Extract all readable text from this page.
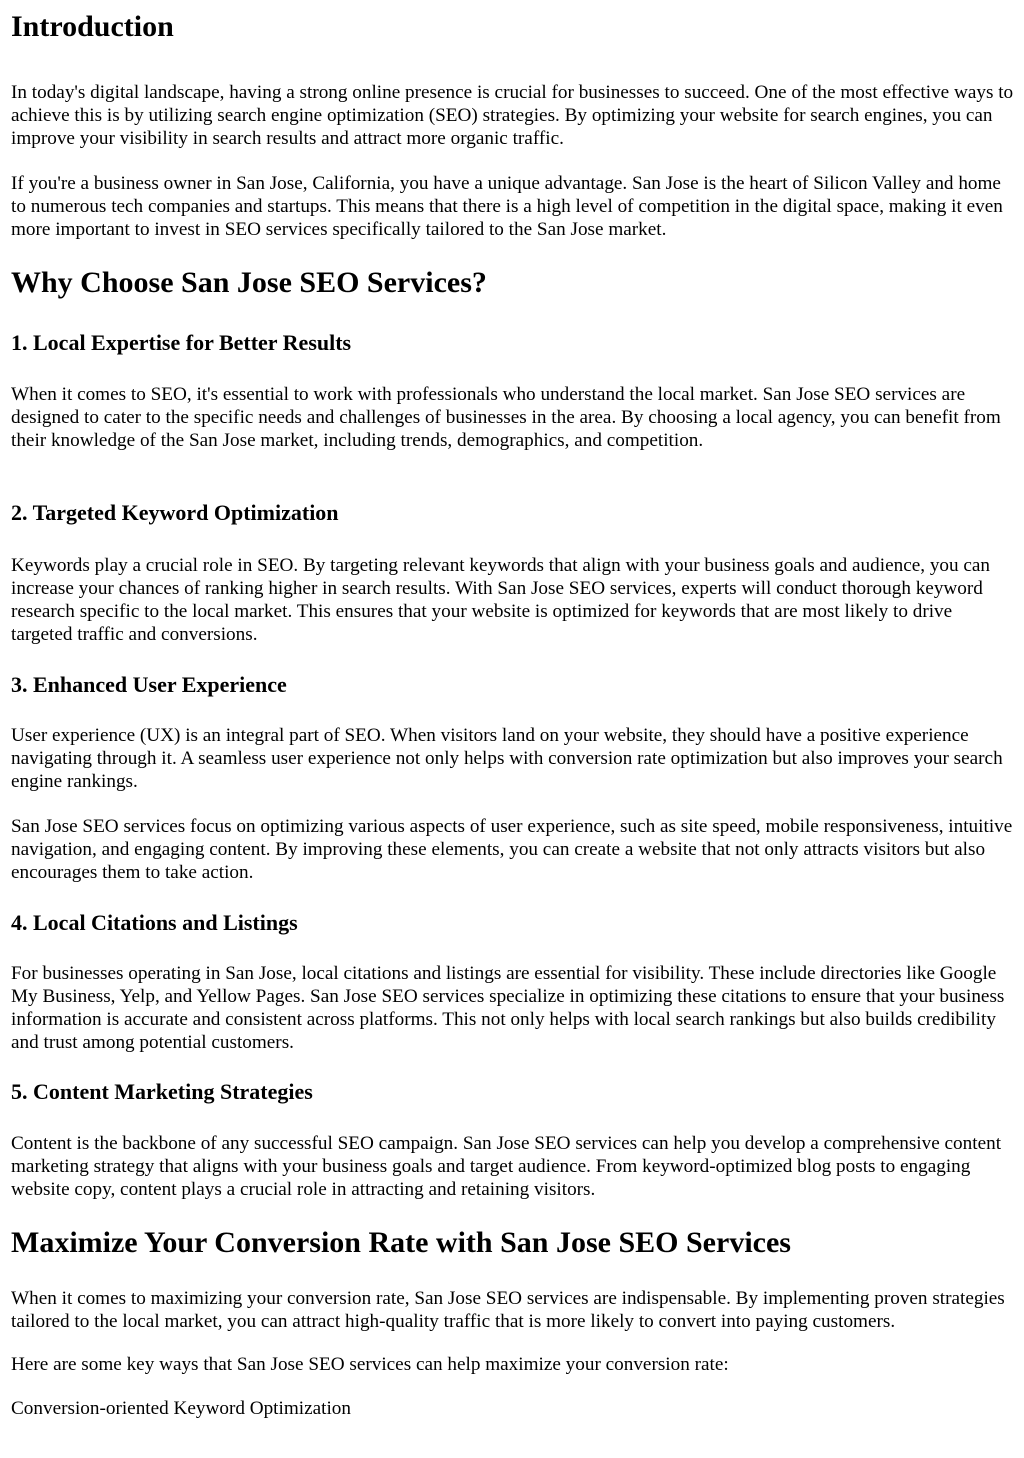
Introduction

In today's digital landscape, having a strong online presence is crucial for businesses to succeed. One of the most effective ways to achieve this is by utilizing search engine optimization (SEO) strategies. By optimizing your website for search engines, you can improve your visibility in search results and attract more organic traffic.

If you're a business owner in San Jose, California, you have a unique advantage. San Jose is the heart of Silicon Valley and home to numerous tech companies and startups. This means that there is a high level of competition in the digital space, making it even more important to invest in SEO services specifically tailored to the San Jose market.

Why Choose San Jose SEO Services?
1. Local Expertise for Better Results

When it comes to SEO, it's essential to work with professionals who understand the local market. San Jose SEO services are designed to cater to the specific needs and challenges of businesses in the area. By choosing a local agency, you can benefit from their knowledge of the San Jose market, including trends, demographics, and competition.

2. Targeted Keyword Optimization

Keywords play a crucial role in SEO. By targeting relevant keywords that align with your business goals and audience, you can increase your chances of ranking higher in search results. With San Jose SEO services, experts will conduct thorough keyword research specific to the local market. This ensures that your website is optimized for keywords that are most likely to drive targeted traffic and conversions.

3. Enhanced User Experience

User experience (UX) is an integral part of SEO. When visitors land on your website, they should have a positive experience navigating through it. A seamless user experience not only helps with conversion rate optimization but also improves your search engine rankings.

San Jose SEO services focus on optimizing various aspects of user experience, such as site speed, mobile responsiveness, intuitive navigation, and engaging content. By improving these elements, you can create a website that not only attracts visitors but also encourages them to take action.

4. Local Citations and Listings

For businesses operating in San Jose, local citations and listings are essential for visibility. These include directories like Google My Business, Yelp, and Yellow Pages. San Jose SEO services specialize in optimizing these citations to ensure that your business information is accurate and consistent across platforms. This not only helps with local search rankings but also builds credibility and trust among potential customers.

5. Content Marketing Strategies

Content is the backbone of any successful SEO campaign. San Jose SEO services can help you develop a comprehensive content marketing strategy that aligns with your business goals and target audience. From keyword-optimized blog posts to engaging website copy, content plays a crucial role in attracting and retaining visitors.

Maximize Your Conversion Rate with San Jose SEO Services

When it comes to maximizing your conversion rate, San Jose SEO services are indispensable. By implementing proven strategies tailored to the local market, you can attract high-quality traffic that is more likely to convert into paying customers.

Here are some key ways that San Jose SEO services can help maximize your conversion rate:

Conversion-oriented Keyword Optimization
